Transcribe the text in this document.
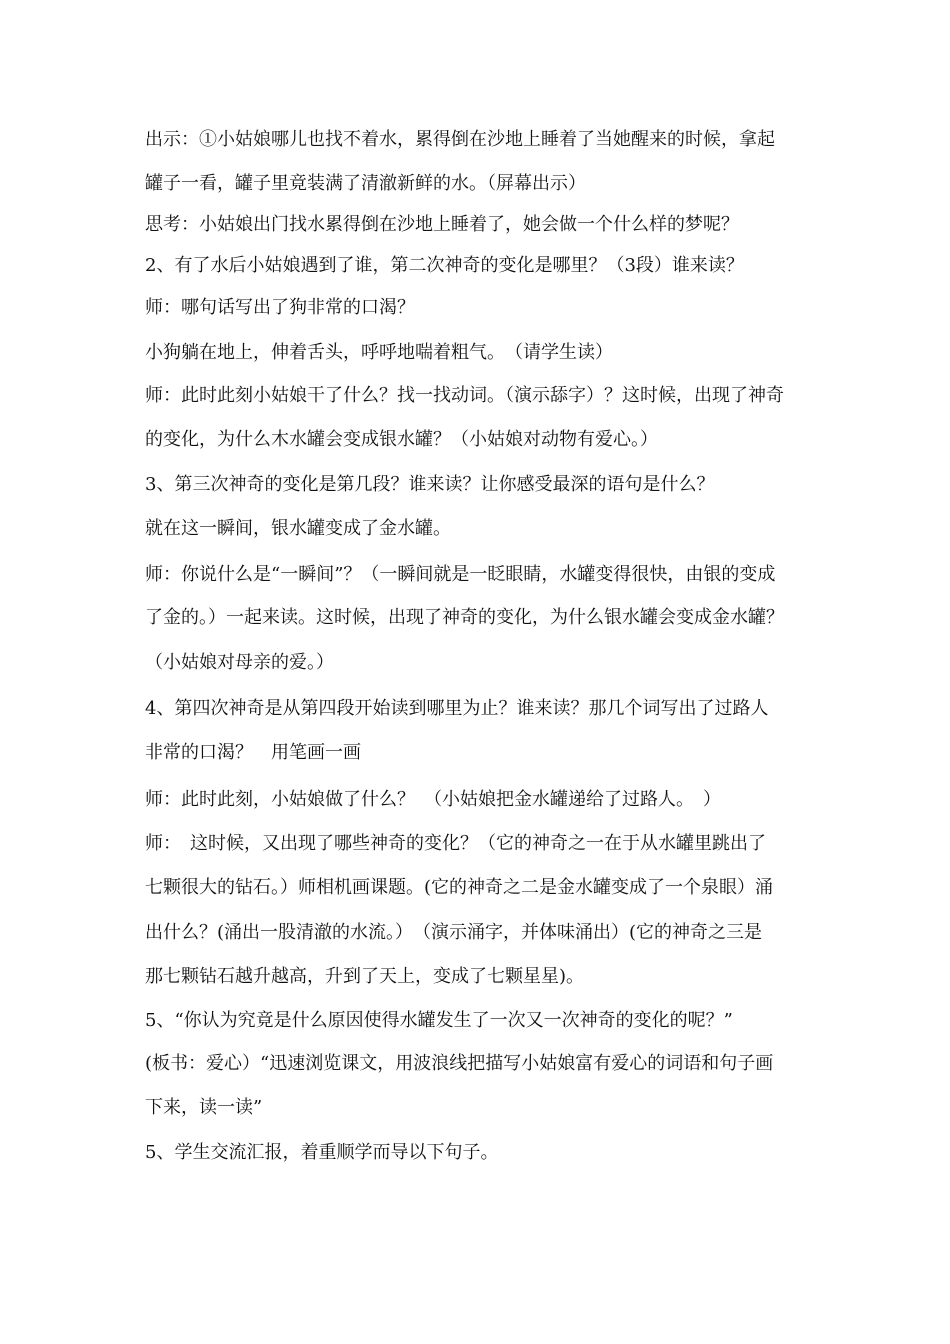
出示：①小姑娘哪儿也找不着水，累得倒在沙地上睡着了当她醒来的时候，拿起
罐子一看，罐子里竟装满了清澈新鲜的水。（屏幕出示）
思考：小姑娘出门找水累得倒在沙地上睡着了，她会做一个什么样的梦呢？
2、有了水后小姑娘遇到了谁，第二次神奇的变化是哪里？（3段）谁来读？
师：哪句话写出了狗非常的口渴？
小狗躺在地上，伸着舌头，呼呼地喘着粗气。　（请学生读）
师：此时此刻小姑娘干了什么？找一找动词。（演示舔字）？这时候，出现了神奇
的变化，为什么木水罐会变成银水罐？（小姑娘对动物有爱心。）
3、第三次神奇的变化是第几段？谁来读？让你感受最深的语句是什么？
就在这一瞬间，银水罐变成了金水罐。
师：你说什么是“一瞬间”？（一瞬间就是一眨眼睛，水罐变得很快，由银的变成
了金的。）一起来读。这时候，出现了神奇的变化，为什么银水罐会变成金水罐？
（小姑娘对母亲的爱。）
4、第四次神奇是从第四段开始读到哪里为止？谁来读？那几个词写出了过路人
非常的口渴？　用笔画一画
师：此时此刻，小姑娘做了什么？　（小姑娘把金水罐递给了过路人。　）
师：　这时候，又出现了哪些神奇的变化？（它的神奇之一在于从水罐里跳出了
七颗很大的钻石。）师相机画课题。(它的神奇之二是金水罐变成了一个泉眼）涌
出什么？(涌出一股清澈的水流。）　（演示涌字，并体味涌出）(它的神奇之三是
那七颗钻石越升越高，升到了天上，变成了七颗星星)。
5、“你认为究竟是什么原因使得水罐发生了一次又一次神奇的变化的呢？”
(板书：爱心）“迅速浏览课文，用波浪线把描写小姑娘富有爱心的词语和句子画
下来，读一读”
5、学生交流汇报，着重顺学而导以下句子。
